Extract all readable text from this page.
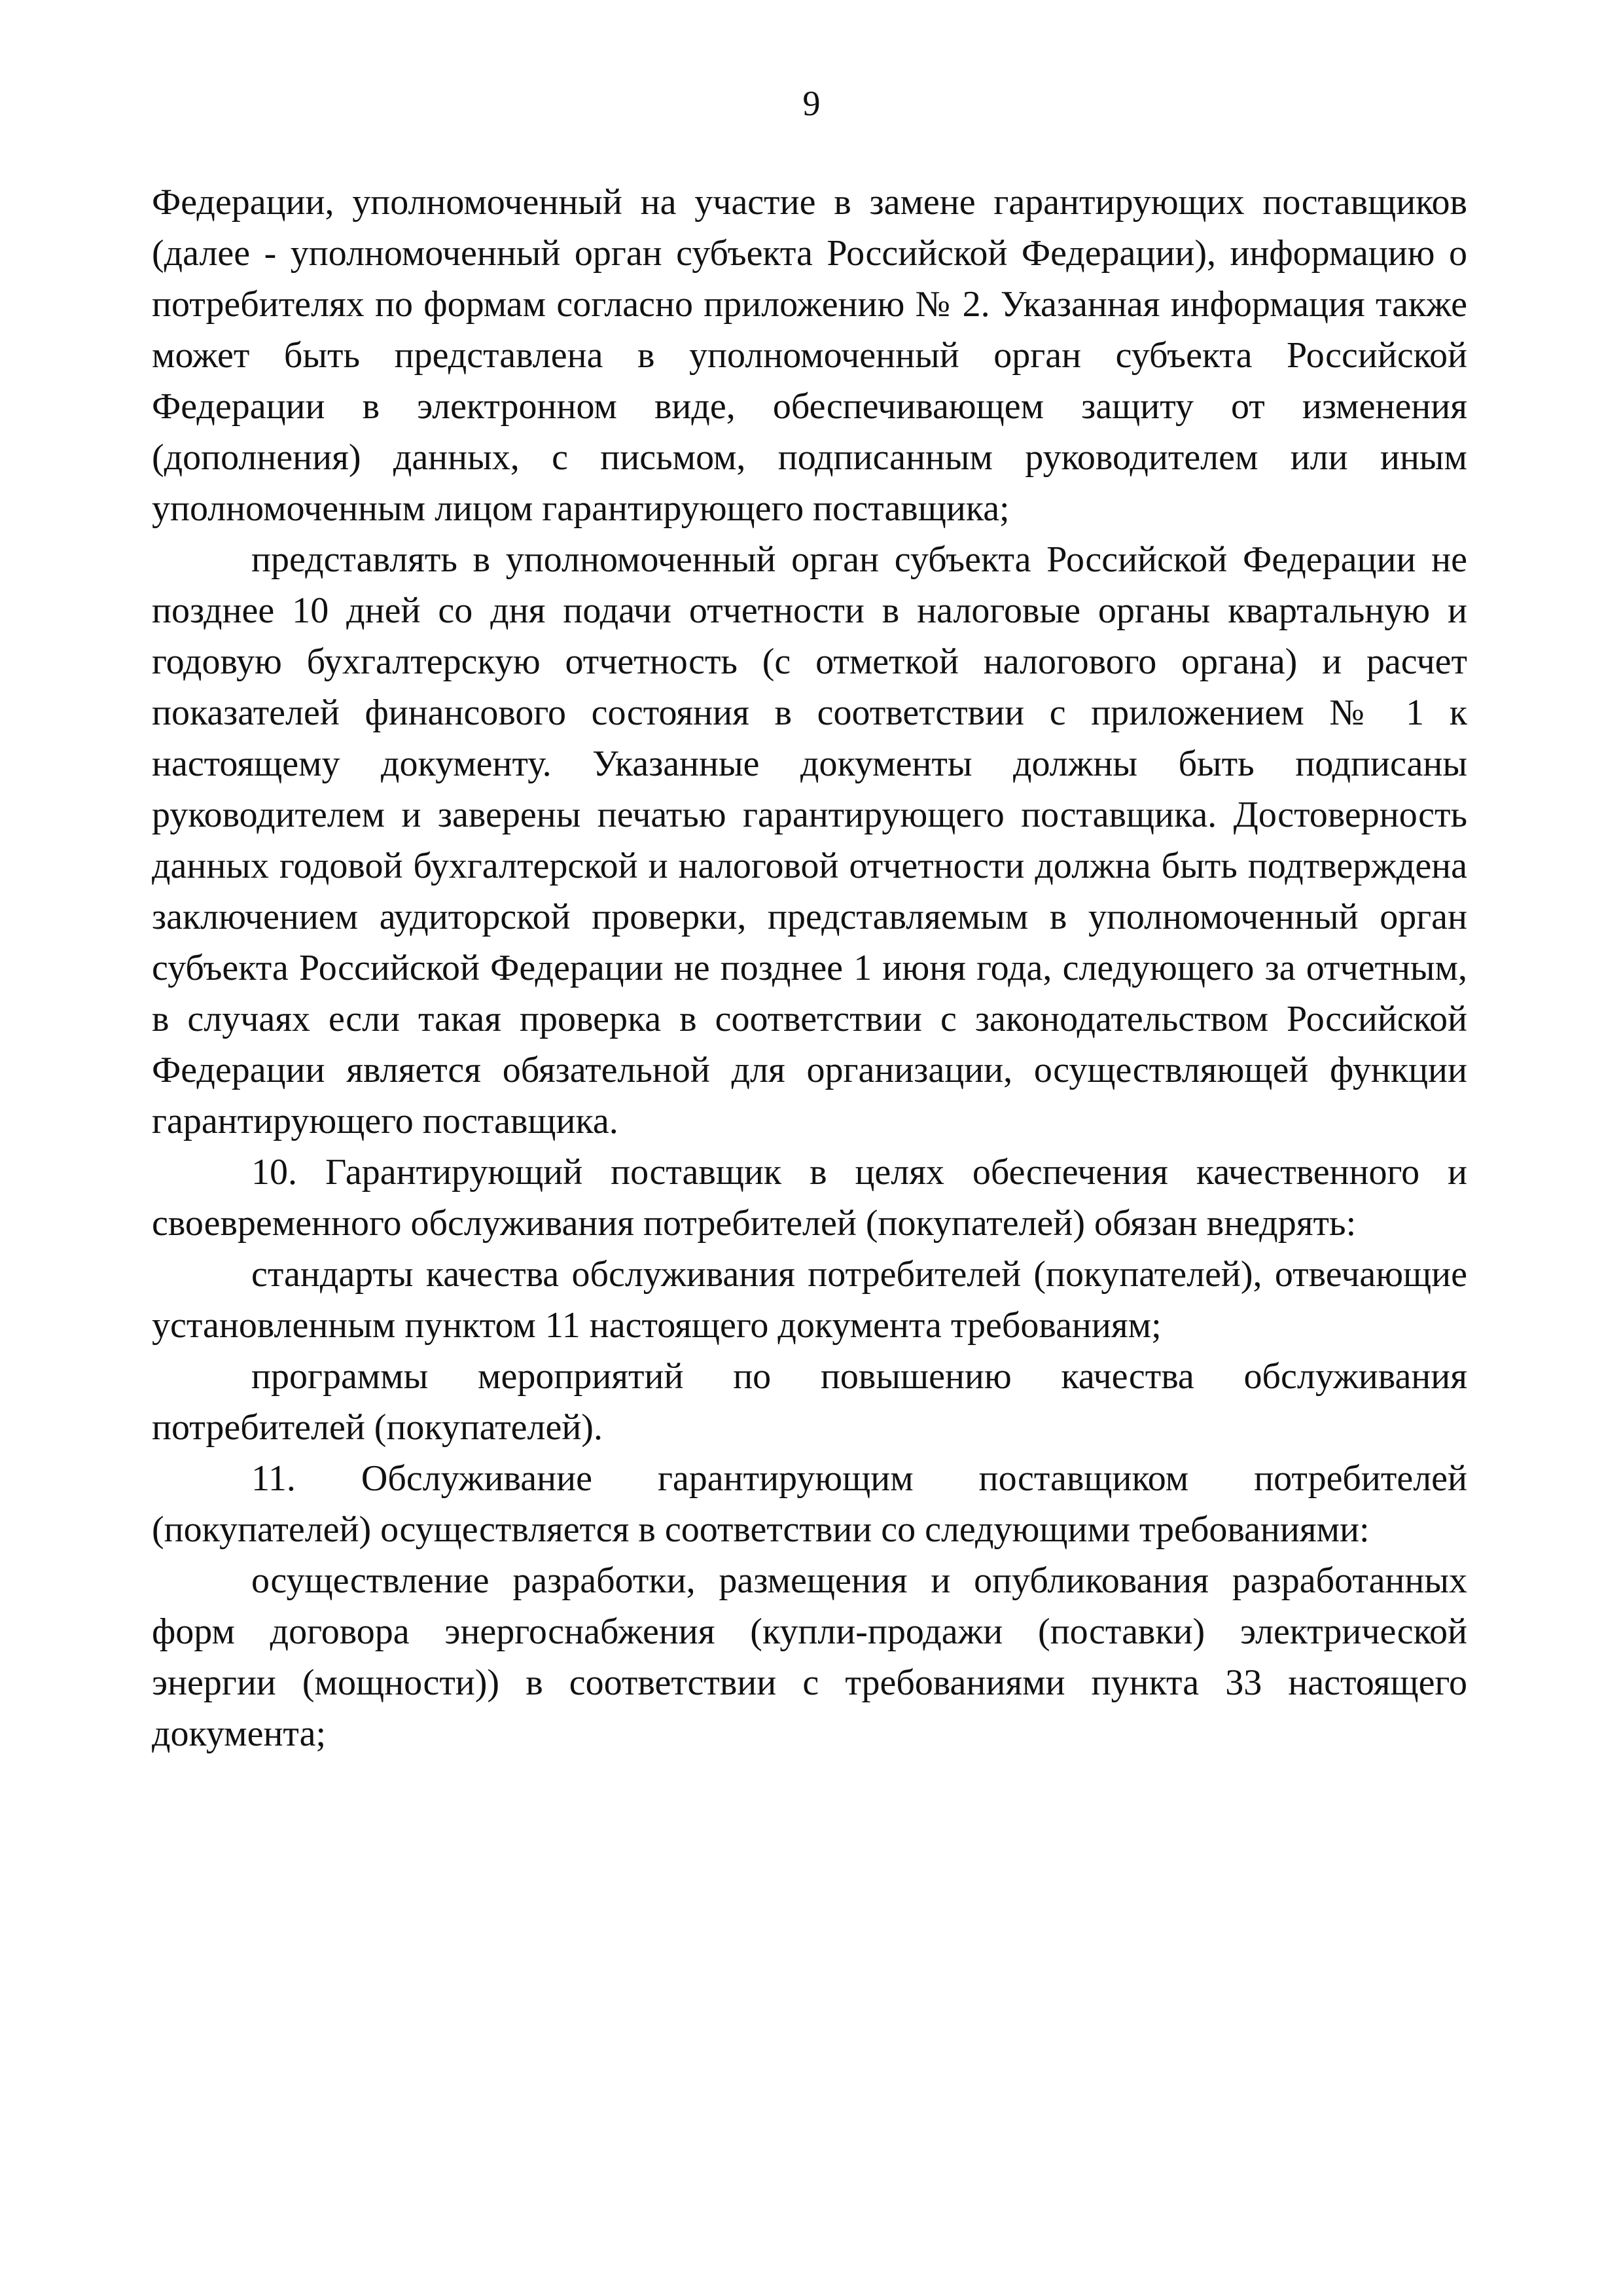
9

Федерации, уполномоченный на участие в замене гарантирующих поставщиков (далее - уполномоченный орган субъекта Российской Федерации), информацию о потребителях по формам согласно приложению № 2. Указанная информация также может быть представлена в уполномоченный орган субъекта Российской Федерации в электронном виде, обеспечивающем защиту от изменения (дополнения) данных, с письмом, подписанным руководителем или иным уполномоченным лицом гарантирующего поставщика;

представлять в уполномоченный орган субъекта Российской Федерации не позднее 10 дней со дня подачи отчетности в налоговые органы квартальную и годовую бухгалтерскую отчетность (с отметкой налогового органа) и расчет показателей финансового состояния в соответствии с приложением № 1 к настоящему документу. Указанные документы должны быть подписаны руководителем и заверены печатью гарантирующего поставщика. Достоверность данных годовой бухгалтерской и налоговой отчетности должна быть подтверждена заключением аудиторской проверки, представляемым в уполномоченный орган субъекта Российской Федерации не позднее 1 июня года, следующего за отчетным, в случаях если такая проверка в соответствии с законодательством Российской Федерации является обязательной для организации, осуществляющей функции гарантирующего поставщика.

10. Гарантирующий поставщик в целях обеспечения качественного и своевременного обслуживания потребителей (покупателей) обязан внедрять:

стандарты качества обслуживания потребителей (покупателей), отвечающие установленным пунктом 11 настоящего документа требованиям;

программы мероприятий по повышению качества обслуживания потребителей (покупателей).

11. Обслуживание гарантирующим поставщиком потребителей (покупателей) осуществляется в соответствии со следующими требованиями:

осуществление разработки, размещения и опубликования разработанных форм договора энергоснабжения (купли-продажи (поставки) электрической энергии (мощности)) в соответствии с требованиями пункта 33 настоящего документа;
